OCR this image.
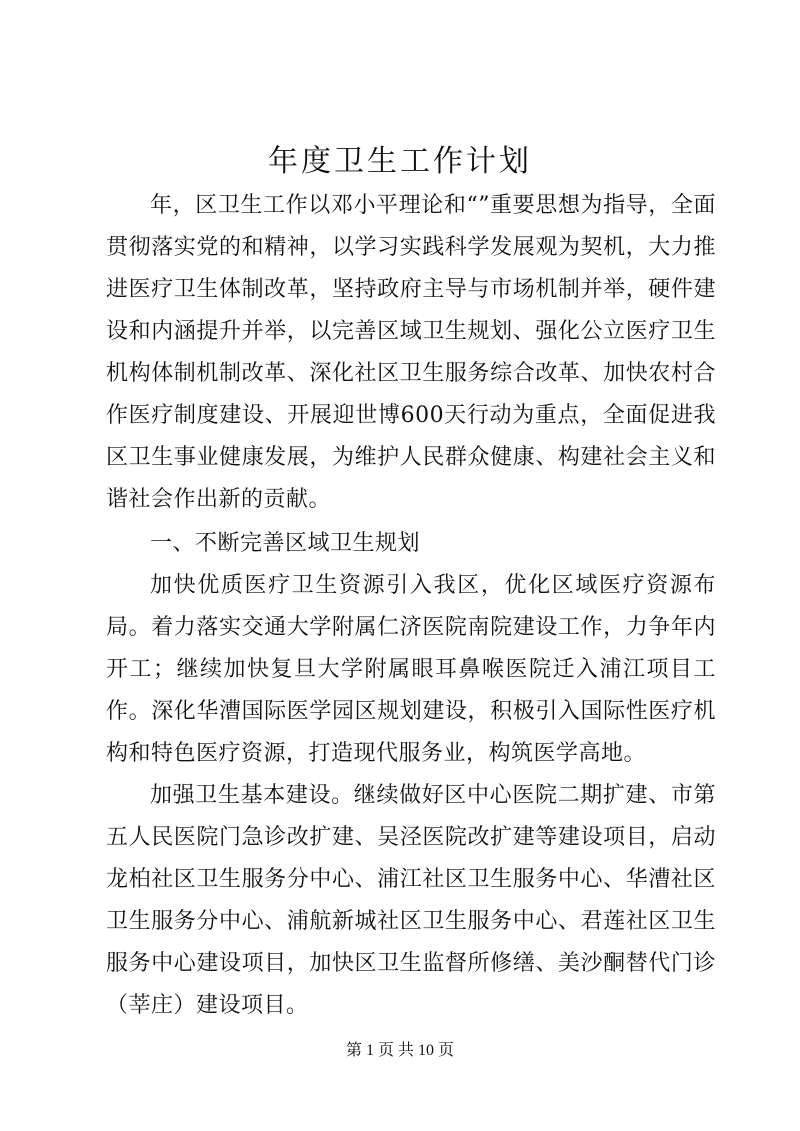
年度卫生工作计划

年，区卫生工作以邓小平理论和“”重要思想为指导，全面贯彻落实党的和精神，以学习实践科学发展观为契机，大力推进医疗卫生体制改革，坚持政府主导与市场机制并举，硬件建设和内涵提升并举，以完善区域卫生规划、强化公立医疗卫生机构体制机制改革、深化社区卫生服务综合改革、加快农村合作医疗制度建设、开展迎世博600天行动为重点，全面促进我区卫生事业健康发展，为维护人民群众健康、构建社会主义和谐社会作出新的贡献。

一、不断完善区域卫生规划

加快优质医疗卫生资源引入我区，优化区域医疗资源布局。着力落实交通大学附属仁济医院南院建设工作，力争年内开工；继续加快复旦大学附属眼耳鼻喉医院迁入浦江项目工作。深化华漕国际医学园区规划建设，积极引入国际性医疗机构和特色医疗资源，打造现代服务业，构筑医学高地。

加强卫生基本建设。继续做好区中心医院二期扩建、市第五人民医院门急诊改扩建、吴泾医院改扩建等建设项目，启动龙柏社区卫生服务分中心、浦江社区卫生服务中心、华漕社区卫生服务分中心、浦航新城社区卫生服务中心、君莲社区卫生服务中心建设项目，加快区卫生监督所修缮、美沙酮替代门诊（莘庄）建设项目。

第 1 页 共 10 页
